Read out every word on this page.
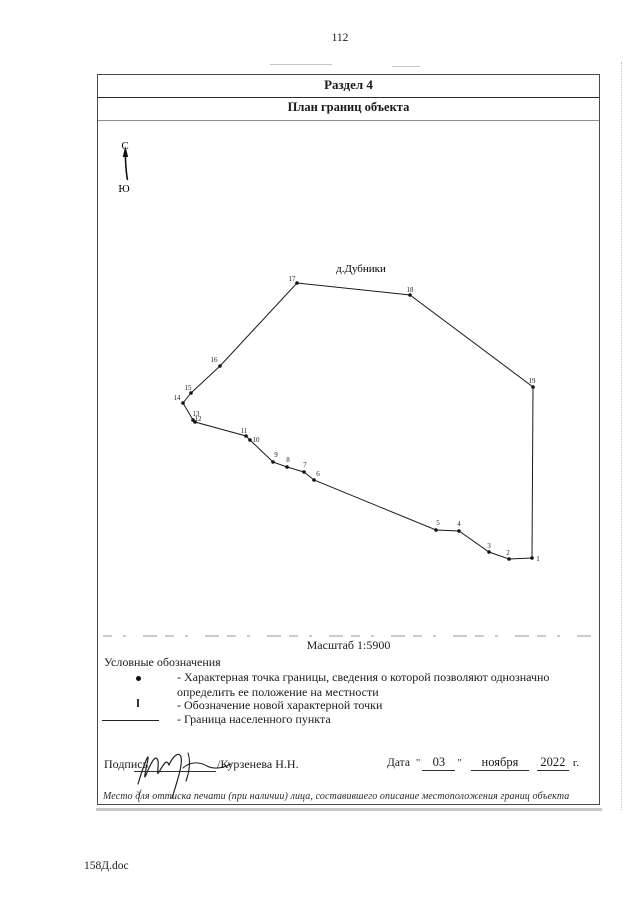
112
Раздел 4
План границ объекта
С
Ю
д.Дубники
1
2
3
4
5
6
7
8
9
10
11
12
13
14
15
16
17
18
19
Масштаб 1:5900
Условные обозначения
- Характерная точка границы, сведения о которой позволяют однозначно
определить ее положение на местности
- Обозначение новой характерной точки
- Граница населенного пункта
Подпись	/Курзенева Н.Н.	Дата " 03	"	ноября	2022 г.
Место для оттиска печати (при наличии) лица, составившего описание местоположения границ объекта
158Д.doc
